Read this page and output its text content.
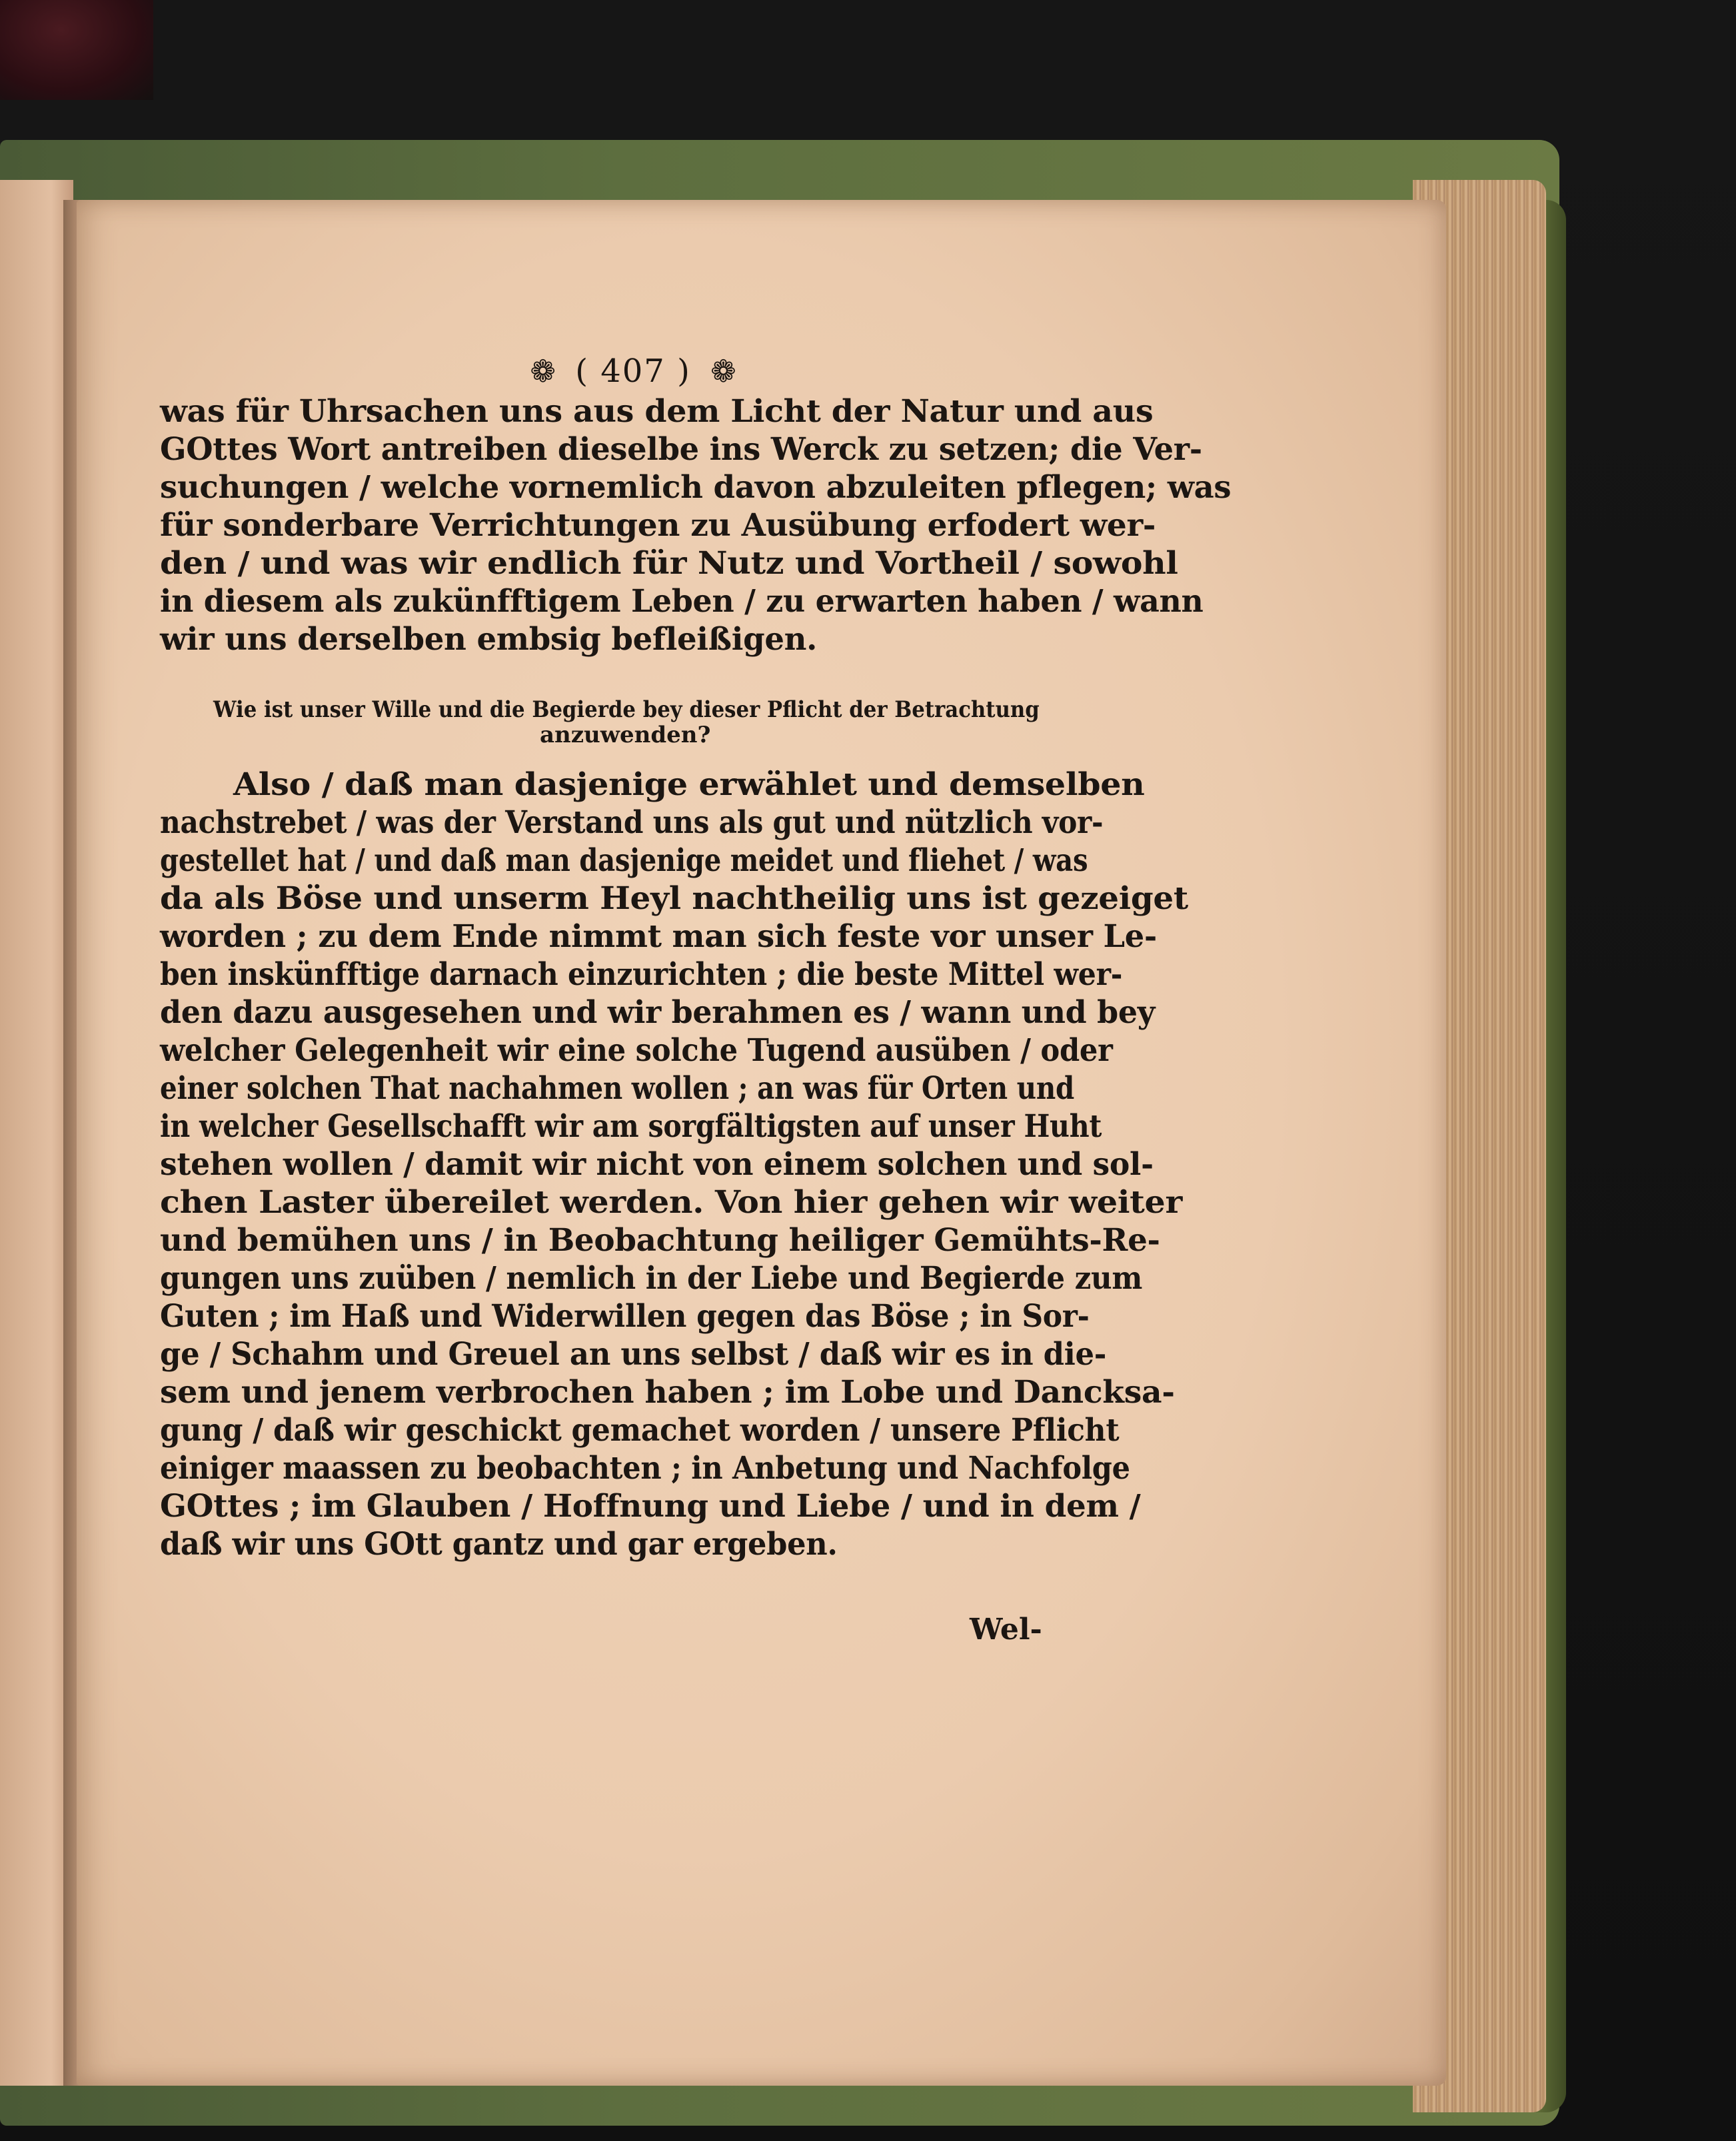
❁ ( 407 ) ❁
was für Uhrsachen uns aus dem Licht der Natur und aus
GOttes Wort antreiben dieselbe ins Werck zu setzen; die Ver-
suchungen / welche vornemlich davon abzuleiten pflegen; was
für sonderbare Verrichtungen zu Ausübung erfodert wer-
den / und was wir endlich für Nutz und Vortheil / sowohl
in diesem als zukünfftigem Leben / zu erwarten haben / wann
wir uns derselben embsig befleißigen.
Wie ist unser Wille und die Begierde bey dieser Pflicht der Betrachtung
anzuwenden?
Also / daß man dasjenige erwählet und demselben
nachstrebet / was der Verstand uns als gut und nützlich vor-
gestellet hat / und daß man dasjenige meidet und fliehet / was
da als Böse und unserm Heyl nachtheilig uns ist gezeiget
worden ; zu dem Ende nimmt man sich feste vor unser Le-
ben inskünfftige darnach einzurichten ; die beste Mittel wer-
den dazu ausgesehen und wir berahmen es / wann und bey
welcher Gelegenheit wir eine solche Tugend ausüben / oder
einer solchen That nachahmen wollen ; an was für Orten und
in welcher Gesellschafft wir am sorgfältigsten auf unser Huht
stehen wollen / damit wir nicht von einem solchen und sol-
chen Laster übereilet werden. Von hier gehen wir weiter
und bemühen uns / in Beobachtung heiliger Gemühts-Re-
gungen uns zuüben / nemlich in der Liebe und Begierde zum
Guten ; im Haß und Widerwillen gegen das Böse ; in Sor-
ge / Schahm und Greuel an uns selbst / daß wir es in die-
sem und jenem verbrochen haben ; im Lobe und Dancksa-
gung / daß wir geschickt gemachet worden / unsere Pflicht
einiger maassen zu beobachten ; in Anbetung und Nachfolge
GOttes ; im Glauben / Hoffnung und Liebe / und in dem /
daß wir uns GOtt gantz und gar ergeben.
Wel-
